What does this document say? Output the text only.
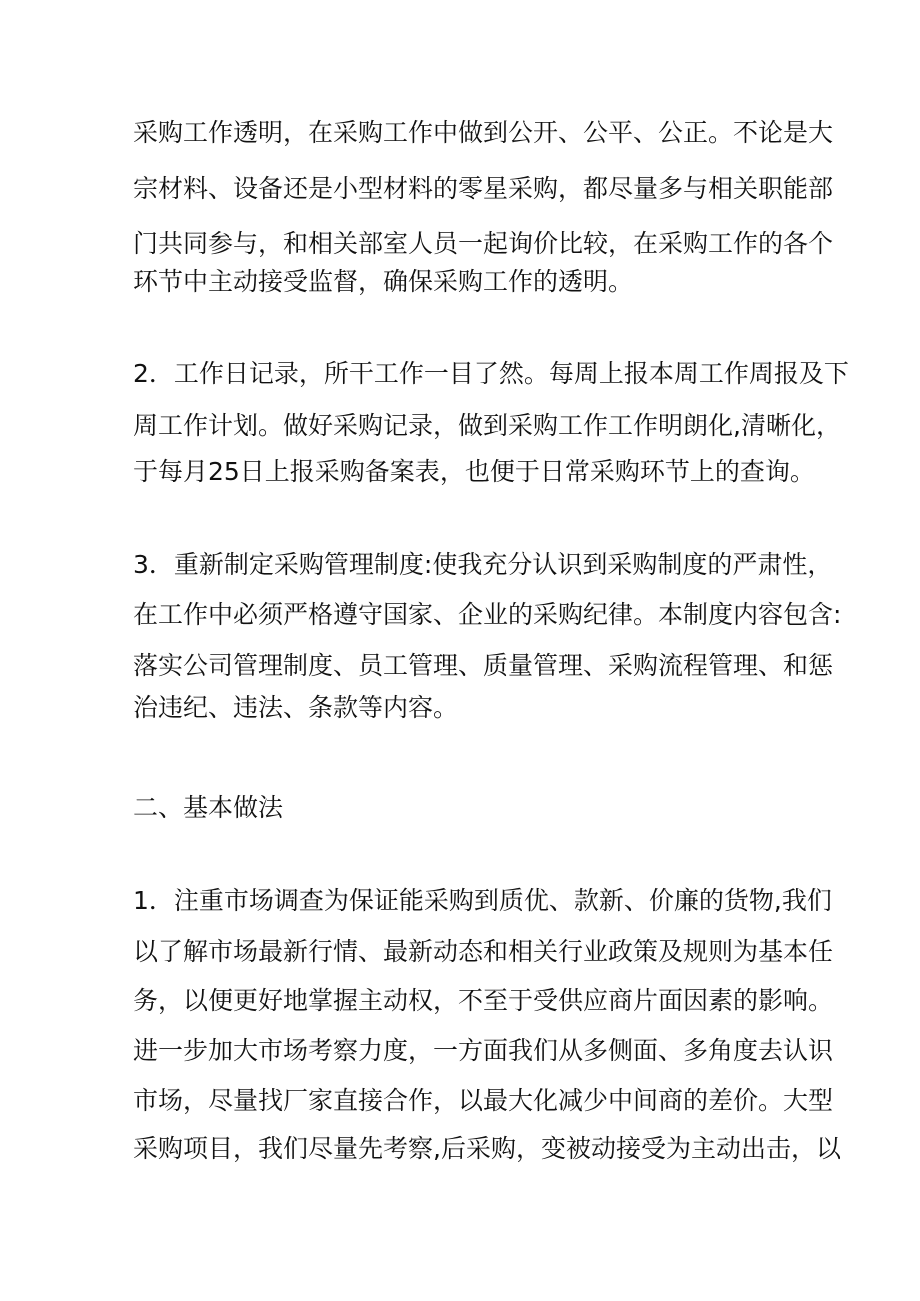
采购工作透明，在采购工作中做到公开、公平、公正。不论是大
宗材料、设备还是小型材料的零星采购，都尽量多与相关职能部
门共同参与，和相关部室人员一起询价比较，在采购工作的各个
环节中主动接受监督，确保采购工作的透明。
2．工作日记录，所干工作一目了然。每周上报本周工作周报及下
周工作计划。做好采购记录，做到采购工作工作明朗化,清晰化，
于每月25日上报采购备案表，也便于日常采购环节上的查询。
3．重新制定采购管理制度:使我充分认识到采购制度的严肃性，
在工作中必须严格遵守国家、企业的采购纪律。本制度内容包含:
落实公司管理制度、员工管理、质量管理、采购流程管理、和惩
治违纪、违法、条款等内容。
二、基本做法
1．注重市场调查为保证能采购到质优、款新、价廉的货物,我们
以了解市场最新行情、最新动态和相关行业政策及规则为基本任
务，以便更好地掌握主动权，不至于受供应商片面因素的影响。
进一步加大市场考察力度，一方面我们从多侧面、多角度去认识
市场，尽量找厂家直接合作，以最大化减少中间商的差价。大型
采购项目，我们尽量先考察,后采购，变被动接受为主动出击，以
